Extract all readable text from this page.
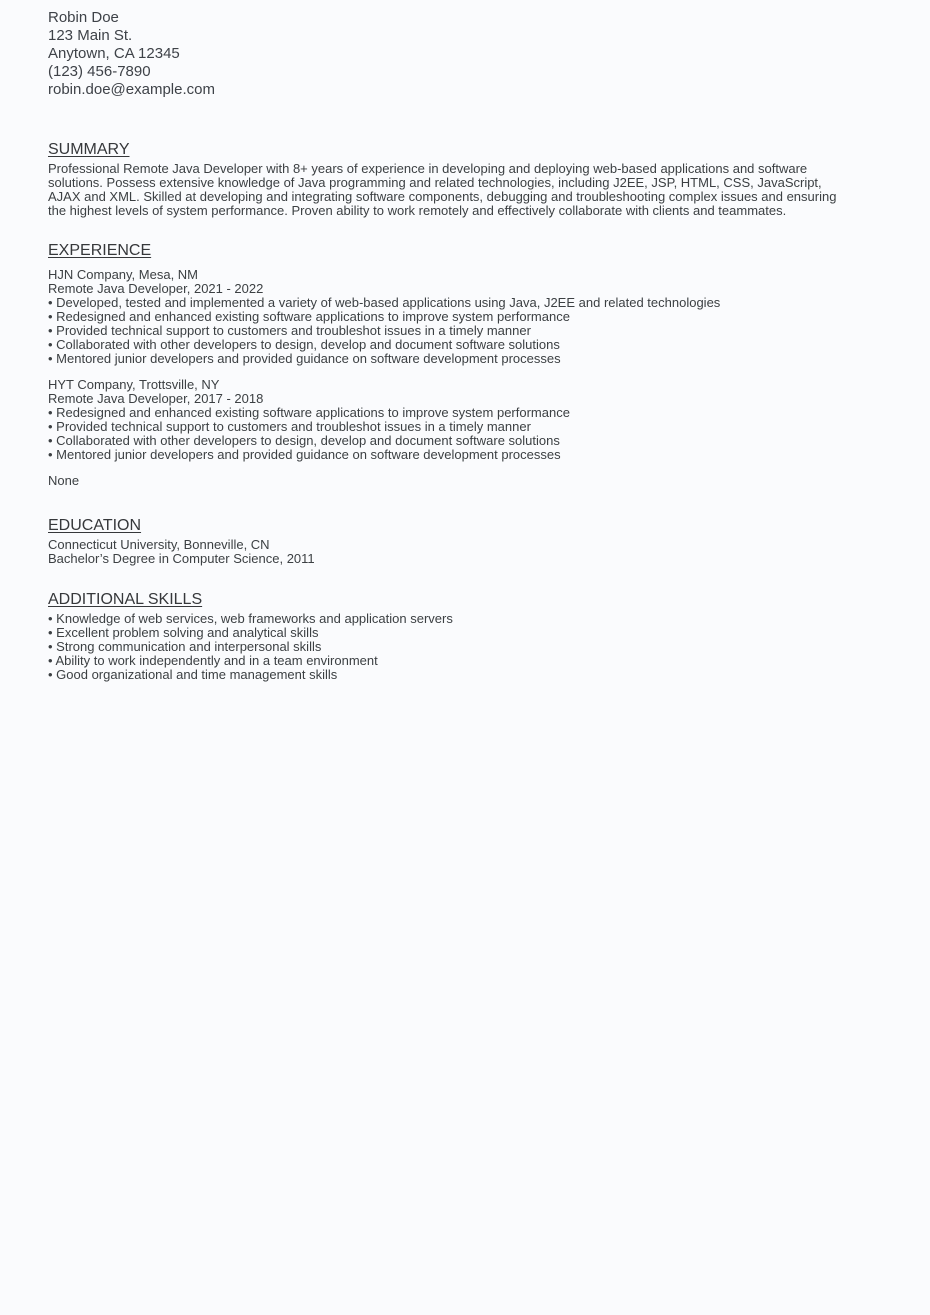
Robin Doe
123 Main St.
Anytown, CA 12345
(123) 456-7890
robin.doe@example.com
SUMMARY

Professional Remote Java Developer with 8+ years of experience in developing and deploying web-based applications and software solutions. Possess extensive knowledge of Java programming and related technologies, including J2EE, JSP, HTML, CSS, JavaScript, AJAX and XML. Skilled at developing and integrating software components, debugging and troubleshooting complex issues and ensuring the highest levels of system performance. Proven ability to work remotely and effectively collaborate with clients and teammates.

EXPERIENCE
HJN Company, Mesa, NM
Remote Java Developer, 2021 - 2022
• Developed, tested and implemented a variety of web-based applications using Java, J2EE and related technologies
• Redesigned and enhanced existing software applications to improve system performance
• Provided technical support to customers and troubleshot issues in a timely manner
• Collaborated with other developers to design, develop and document software solutions
• Mentored junior developers and provided guidance on software development processes
HYT Company, Trottsville, NY
Remote Java Developer, 2017 - 2018
• Redesigned and enhanced existing software applications to improve system performance
• Provided technical support to customers and troubleshot issues in a timely manner
• Collaborated with other developers to design, develop and document software solutions
• Mentored junior developers and provided guidance on software development processes
None
EDUCATION
Connecticut University, Bonneville, CN
Bachelor’s Degree in Computer Science, 2011
ADDITIONAL SKILLS
• Knowledge of web services, web frameworks and application servers
• Excellent problem solving and analytical skills
• Strong communication and interpersonal skills
• Ability to work independently and in a team environment
• Good organizational and time management skills
